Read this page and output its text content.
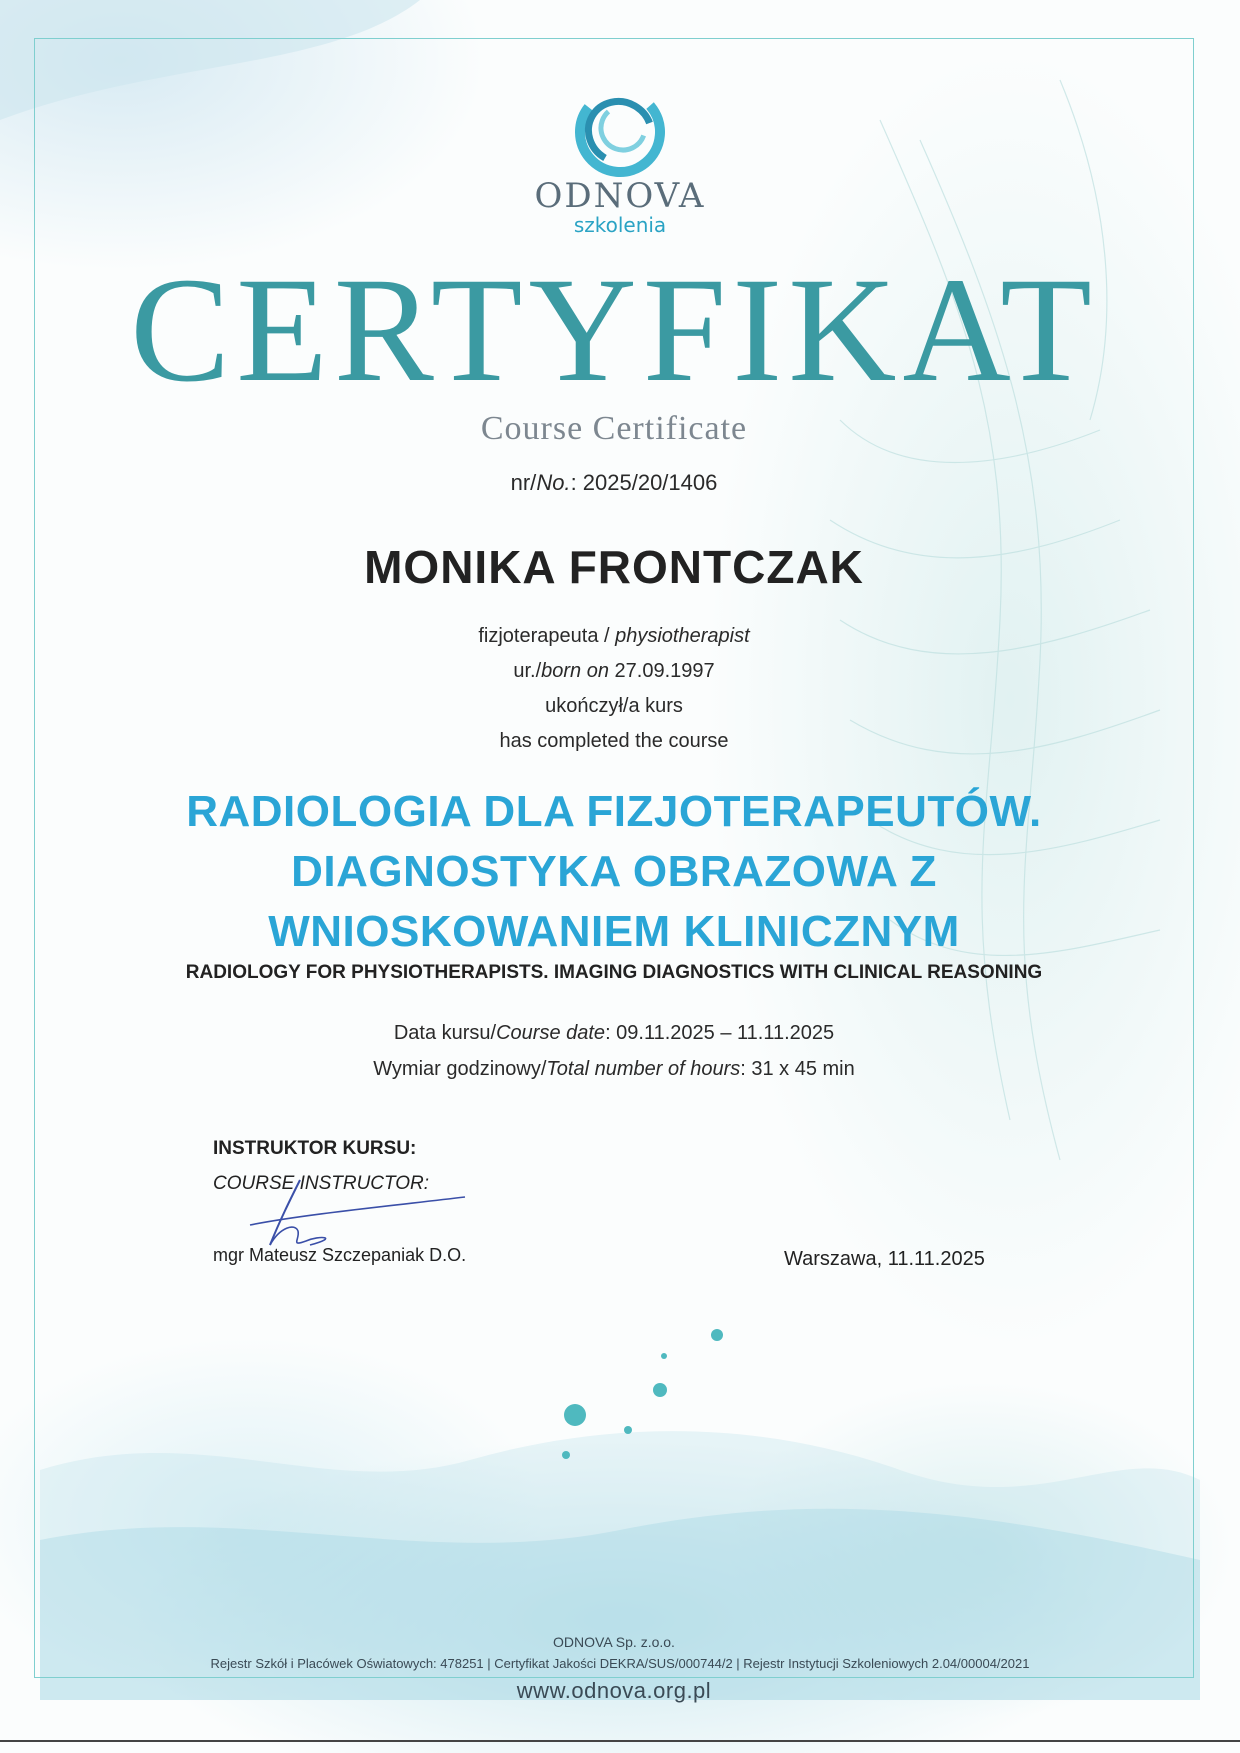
ODNOVA
szkolenia
CERTYFIKAT
Course Certificate
nr/No.: 2025/20/1406
MONIKA FRONTCZAK
fizjoterapeuta / physiotherapist
ur./born on 27.09.1997
ukończył/a kurs
has completed the course
RADIOLOGIA DLA FIZJOTERAPEUTÓW.
DIAGNOSTYKA OBRAZOWA Z
WNIOSKOWANIEM KLINICZNYM
RADIOLOGY FOR PHYSIOTHERAPISTS. IMAGING DIAGNOSTICS WITH CLINICAL REASONING
Data kursu/Course date: 09.11.2025 – 11.11.2025
Wymiar godzinowy/Total number of hours: 31 x 45 min
INSTRUKTOR KURSU:
COURSE INSTRUCTOR:
mgr Mateusz Szczepaniak D.O.	Warszawa, 11.11.2025
ODNOVA Sp. z.o.o.
Rejestr Szkół i Placówek Oświatowych: 478251 | Certyfikat Jakości DEKRA/SUS/000744/2 | Rejestr Instytucji Szkoleniowych 2.04/00004/2021
www.odnova.org.pl
